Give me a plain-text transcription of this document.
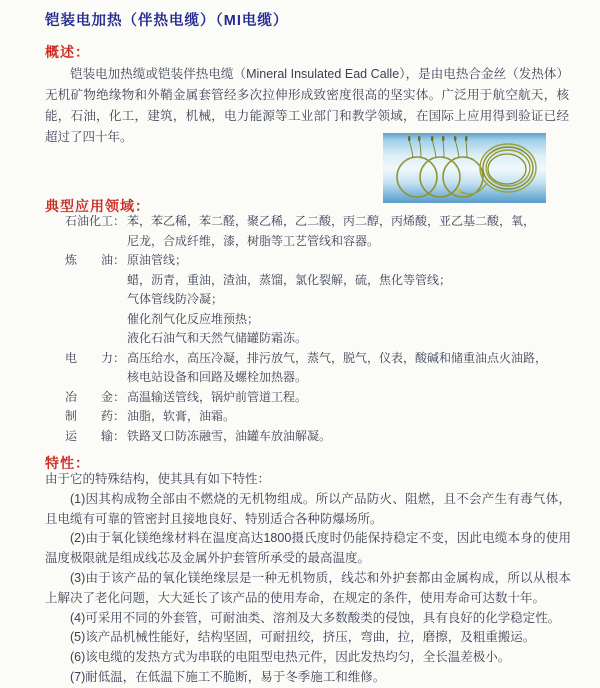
铠装电加热（伴热电缆）（MI电缆）
概述：
铠装电加热缆或铠装伴热电缆（Mineral Insulated Ead Calle），是由电热合金丝（发热体）无机矿物绝缘物和外鞘金属套管经多次拉伸形成致密度很高的坚实体。广泛用于航空航天，核能，石油，化工，建筑，机械，电力能源等工业部门和教学领域，在国际上应用得到验证已经超过了四十年。
典型应用领域：
石油化工： 苯，苯乙稀，苯二醛，聚乙稀，乙二酸，丙二醇，丙烯酸，亚乙基二酸，氧，
尼龙，合成纤维，漆，树脂等工艺管线和容器。
炼　　油： 原油管线；
蜡，沥青，重油，渣油，蒸馏，氯化裂解，硫，焦化等管线；
气体管线防冷凝；
催化剂气化反应堆预热；
液化石油气和天然气储罐防霜冻。
电　　力： 高压给水，高压冷凝，排污放气，蒸气，脱气，仪表，酸碱和储重油点火油路，
核电站设备和回路及螺栓加热器。
冶　　金： 高温输送管线，锅炉前管道工程。
制　　药： 油脂，软膏，油霜。
运　　输： 铁路叉口防冻融雪，油罐车放油解凝。
特性：

由于它的特殊结构，使其具有如下特性：

(1)因其构成物全部由不燃烧的无机物组成。所以产品防火、阻燃，且不会产生有毒气体，且电缆有可靠的管密封且接地良好、特别适合各种防爆场所。

(2)由于氧化镁绝缘材料在温度高达1800摄氏度时仍能保持稳定不变，因此电缆本身的使用温度极限就是组成线芯及金属外护套管所承受的最高温度。

(3)由于该产品的氧化镁绝缘层是一种无机物质，线芯和外护套都由金属构成，所以从根本上解决了老化问题，大大延长了该产品的使用寿命，在规定的条件，使用寿命可达数十年。

(4)可采用不同的外套管，可耐油类、溶剂及大多数酸类的侵蚀，具有良好的化学稳定性。

(5)该产品机械性能好，结构坚固，可耐扭绞，挤压，弯曲，拉，磨擦，及粗重搬运。

(6)该电缆的发热方式为串联的电阻型电热元件，因此发热均匀，全长温差极小。

(7)耐低温，在低温下施工不脆断，易于冬季施工和维修。
